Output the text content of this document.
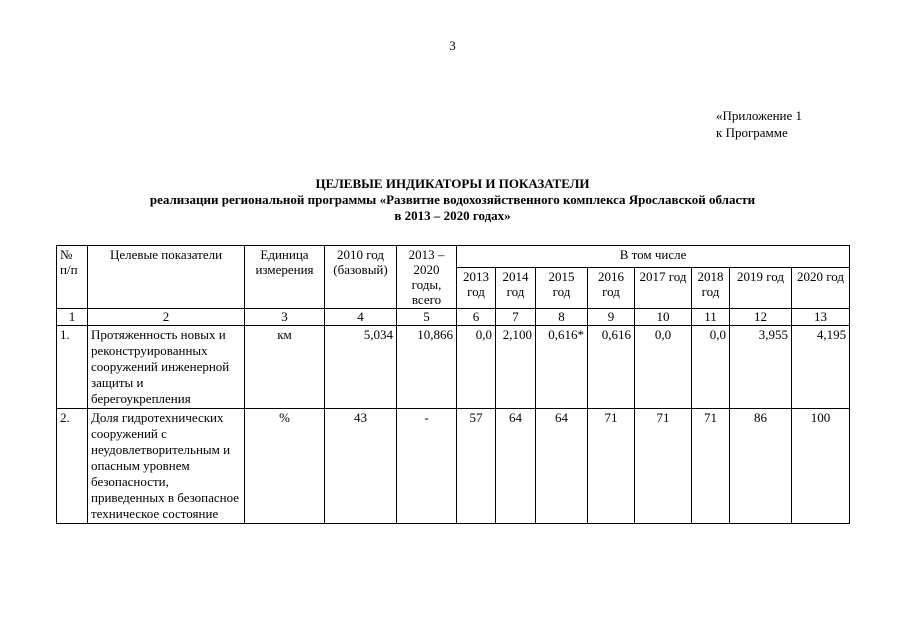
3
«Приложение 1
к Программе
ЦЕЛЕВЫЕ ИНДИКАТОРЫ И ПОКАЗАТЕЛИ
реализации региональной программы «Развитие водохозяйственного комплекса Ярославской области
в 2013 – 2020 годах»
№ п/п	Целевые показатели	Единица измерения	2010 год (базовый)	2013 – 2020 годы, всего	В том числе							
					2013 год	2014 год	2015 год	2016 год	2017 год	2018 год	2019 год	2020 год
1	2	3	4	5	6	7	8	9	10	11	12	13
1.	Протяженность новых и реконструированных сооружений инженерной защиты и берегоукрепления	км	5,034	10,866	0,0	2,100	0,616*	0,616	0,0	0,0	3,955	4,195
2.	Доля гидротехнических сооружений с неудовлетворительным и опасным уровнем безопасности, приведенных в безопасное техническое состояние	%	43	-	57	64	64	71	71	71	86	100
